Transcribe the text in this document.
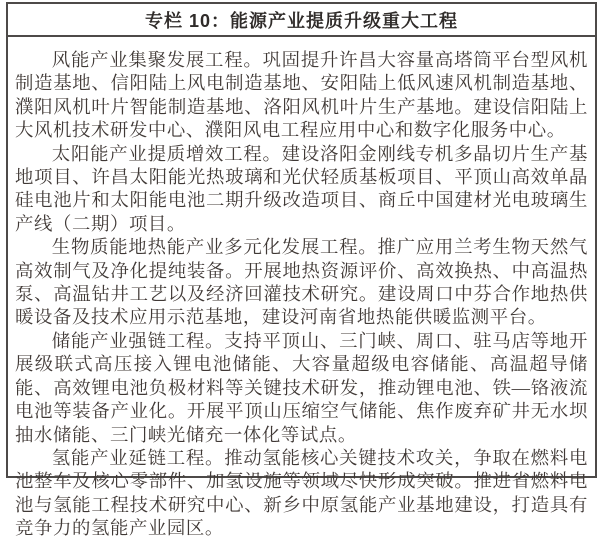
专栏 10：能源产业提质升级重大工程

风能产业集聚发展工程。巩固提升许昌大容量高塔筒平台型风机制造基地、信阳陆上风电制造基地、安阳陆上低风速风机制造基地、濮阳风机叶片智能制造基地、洛阳风机叶片生产基地。建设信阳陆上大风机技术研发中心、濮阳风电工程应用中心和数字化服务中心。

太阳能产业提质增效工程。建设洛阳金刚线专机多晶切片生产基地项目、许昌太阳能光热玻璃和光伏轻质基板项目、平顶山高效单晶硅电池片和太阳能电池二期升级改造项目、商丘中国建材光电玻璃生产线（二期）项目。

生物质能地热能产业多元化发展工程。推广应用兰考生物天然气高效制气及净化提纯装备。开展地热资源评价、高效换热、中高温热泵、高温钻井工艺以及经济回灌技术研究。建设周口中芬合作地热供暖设备及技术应用示范基地，建设河南省地热能供暖监测平台。

储能产业强链工程。支持平顶山、三门峡、周口、驻马店等地开展级联式高压接入锂电池储能、大容量超级电容储能、高温超导储能、高效锂电池负极材料等关键技术研发，推动锂电池、铁—铬液流电池等装备产业化。开展平顶山压缩空气储能、焦作废弃矿井无水坝抽水储能、三门峡光储充一体化等试点。

氢能产业延链工程。推动氢能核心关键技术攻关，争取在燃料电池整车及核心零部件、加氢设施等领域尽快形成突破。推进省燃料电池与氢能工程技术研究中心、新乡中原氢能产业基地建设，打造具有竞争力的氢能产业园区。
